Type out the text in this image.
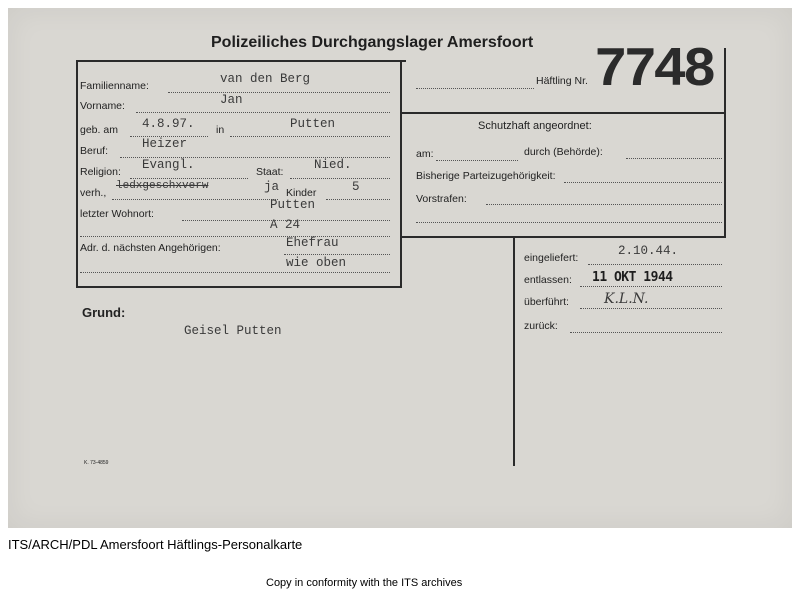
Polizeiliches Durchgangslager Amersfoort
Häftling Nr. 7748
Familienname:	van den Berg
Vorname:	Jan
geb. am 4.8.97. in	Putten
Beruf:	Heizer
Religion: Evangl.	Staat: Nied.
verh.,
ledxgeschxverw	ja Kinder	5
letzter Wohnort:
Putten
A 24
Adr. d. nächsten Angehörigen:	Ehefrau
wie oben
Schutzhaft angeordnet:
am:	durch (Behörde):
Bisherige Parteizugehörigkeit:
Vorstrafen:
eingeliefert:	2.10.44.
entlassen: 11 OKT 1944
überführt:	K.L.N.
zurück:
Grund:
Geisel Putten
K. 73-4859
ITS/ARCH/PDL Amersfoort Häftlings-Personalkarte
Copy in conformity with the ITS archives
